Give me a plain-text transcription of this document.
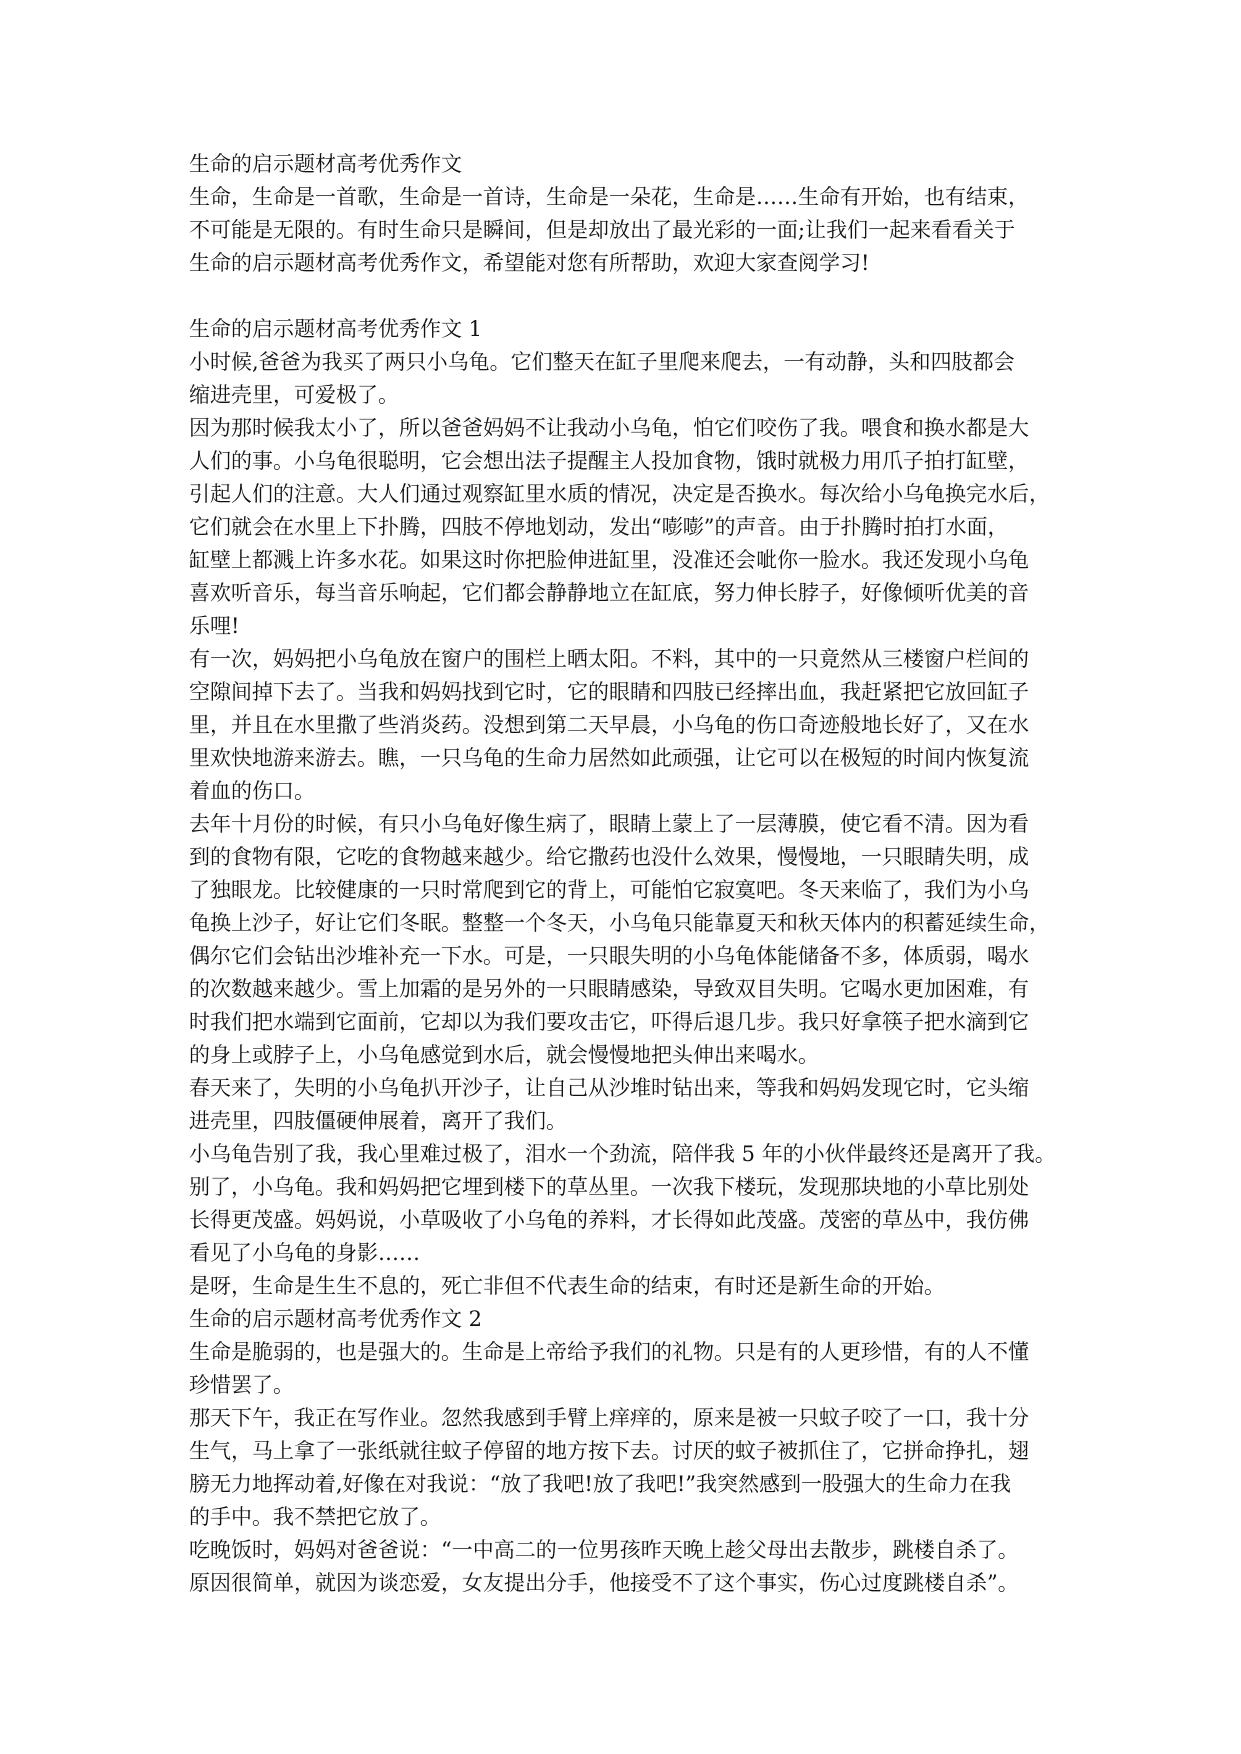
生命的启示题材高考优秀作文
生命，生命是一首歌，生命是一首诗，生命是一朵花，生命是……生命有开始，也有结束，
不可能是无限的。有时生命只是瞬间，但是却放出了最光彩的一面;让我们一起来看看关于
生命的启示题材高考优秀作文，希望能对您有所帮助，欢迎大家查阅学习!
生命的启示题材高考优秀作文 1
小时候,爸爸为我买了两只小乌龟。它们整天在缸子里爬来爬去，一有动静，头和四肢都会
缩进壳里，可爱极了。
因为那时候我太小了，所以爸爸妈妈不让我动小乌龟，怕它们咬伤了我。喂食和换水都是大
人们的事。小乌龟很聪明，它会想出法子提醒主人投加食物，饿时就极力用爪子拍打缸壁，
引起人们的注意。大人们通过观察缸里水质的情况，决定是否换水。每次给小乌龟换完水后，
它们就会在水里上下扑腾，四肢不停地划动，发出“嘭嘭”的声音。由于扑腾时拍打水面，
缸壁上都溅上许多水花。如果这时你把脸伸进缸里，没准还会呲你一脸水。我还发现小乌龟
喜欢听音乐，每当音乐响起，它们都会静静地立在缸底，努力伸长脖子，好像倾听优美的音
乐哩!
有一次，妈妈把小乌龟放在窗户的围栏上晒太阳。不料，其中的一只竟然从三楼窗户栏间的
空隙间掉下去了。当我和妈妈找到它时，它的眼睛和四肢已经摔出血，我赶紧把它放回缸子
里，并且在水里撒了些消炎药。没想到第二天早晨，小乌龟的伤口奇迹般地长好了，又在水
里欢快地游来游去。瞧，一只乌龟的生命力居然如此顽强，让它可以在极短的时间内恢复流
着血的伤口。
去年十月份的时候，有只小乌龟好像生病了，眼睛上蒙上了一层薄膜，使它看不清。因为看
到的食物有限，它吃的食物越来越少。给它撒药也没什么效果，慢慢地，一只眼睛失明，成
了独眼龙。比较健康的一只时常爬到它的背上，可能怕它寂寞吧。冬天来临了，我们为小乌
龟换上沙子，好让它们冬眠。整整一个冬天，小乌龟只能靠夏天和秋天体内的积蓄延续生命，
偶尔它们会钻出沙堆补充一下水。可是，一只眼失明的小乌龟体能储备不多，体质弱，喝水
的次数越来越少。雪上加霜的是另外的一只眼睛感染，导致双目失明。它喝水更加困难，有
时我们把水端到它面前，它却以为我们要攻击它，吓得后退几步。我只好拿筷子把水滴到它
的身上或脖子上，小乌龟感觉到水后，就会慢慢地把头伸出来喝水。
春天来了，失明的小乌龟扒开沙子，让自己从沙堆时钻出来，等我和妈妈发现它时，它头缩
进壳里，四肢僵硬伸展着，离开了我们。
小乌龟告别了我，我心里难过极了，泪水一个劲流，陪伴我 5 年的小伙伴最终还是离开了我。
别了，小乌龟。我和妈妈把它埋到楼下的草丛里。一次我下楼玩，发现那块地的小草比别处
长得更茂盛。妈妈说，小草吸收了小乌龟的养料，才长得如此茂盛。茂密的草丛中，我仿佛
看见了小乌龟的身影……
是呀，生命是生生不息的，死亡非但不代表生命的结束，有时还是新生命的开始。
生命的启示题材高考优秀作文 2
生命是脆弱的，也是强大的。生命是上帝给予我们的礼物。只是有的人更珍惜，有的人不懂
珍惜罢了。
那天下午，我正在写作业。忽然我感到手臂上痒痒的，原来是被一只蚊子咬了一口，我十分
生气，马上拿了一张纸就往蚊子停留的地方按下去。讨厌的蚊子被抓住了，它拼命挣扎，翅
膀无力地挥动着,好像在对我说：“放了我吧!放了我吧!”我突然感到一股强大的生命力在我
的手中。我不禁把它放了。
吃晚饭时，妈妈对爸爸说：“一中高二的一位男孩昨天晚上趁父母出去散步，跳楼自杀了。
原因很简单，就因为谈恋爱，女友提出分手，他接受不了这个事实，伤心过度跳楼自杀”。
